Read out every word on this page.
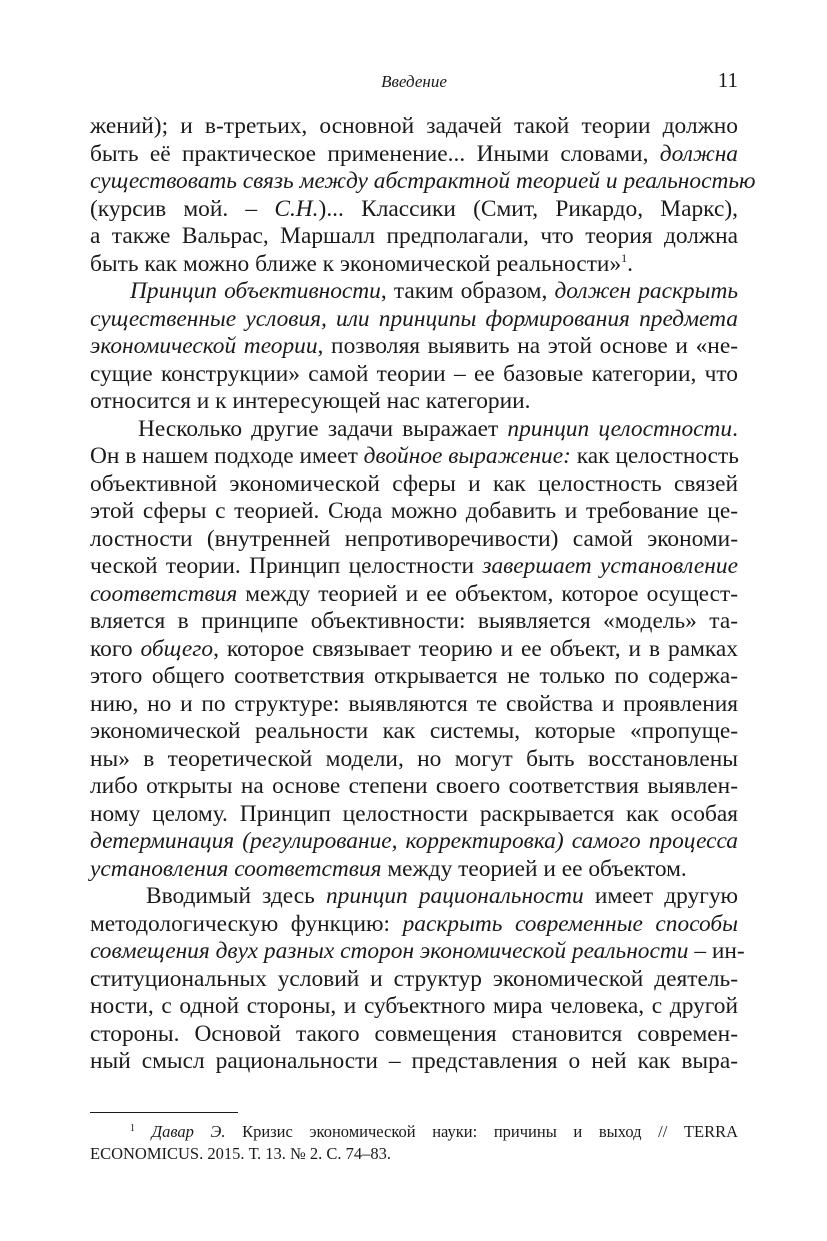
Введение	11
жений); и в-третьих, основной задачей такой теории должно
быть её практическое применение... Иными словами, должна
существовать связь между абстрактной теорией и реальностью
(курсив мой. – С.Н.)... Классики (Смит, Рикардо, Маркс),
а также Вальрас, Маршалл предполагали, что теория должна
быть как можно ближе к экономической реальности»$^1$.
Принцип объективности, таким образом, должен раскрыть
существенные условия, или принципы формирования предмета
экономической теории, позволяя выявить на этой основе и «не-
сущие конструкции» самой теории – ее базовые категории, что
относится и к интересующей нас категории.
Несколько другие задачи выражает принцип целостности.
Он в нашем подходе имеет двойное выражение: как целостность
объективной экономической сферы и как целостность связей
этой сферы с теорией. Сюда можно добавить и требование це-
лостности (внутренней непротиворечивости) самой экономи-
ческой теории. Принцип целостности завершает установление
соответствия между теорией и ее объектом, которое осущест-
вляется в принципе объективности: выявляется «модель» та-
кого общего, которое связывает теорию и ее объект, и в рамках
этого общего соответствия открывается не только по содержа-
нию, но и по структуре: выявляются те свойства и проявления
экономической реальности как системы, которые «пропуще-
ны» в теоретической модели, но могут быть восстановлены
либо открыты на основе степени своего соответствия выявлен-
ному целому. Принцип целостности раскрывается как особая
детерминация (регулирование, корректировка) самого процесса
установления соответствия между теорией и ее объектом.
Вводимый здесь принцип рациональности имеет другую
методологическую функцию: раскрыть современные способы
совмещения двух разных сторон экономической реальности – ин-
ституциональных условий и структур экономической деятель-
ности, с одной стороны, и субъектного мира человека, с другой
стороны. Основой такого совмещения становится современ-
ный смысл рациональности – представления о ней как выра-
$^1$ Давар Э. Кризис экономической науки: причины и выход // TERRA
ECONOMICUS. 2015. Т. 13. № 2. С. 74–83.
